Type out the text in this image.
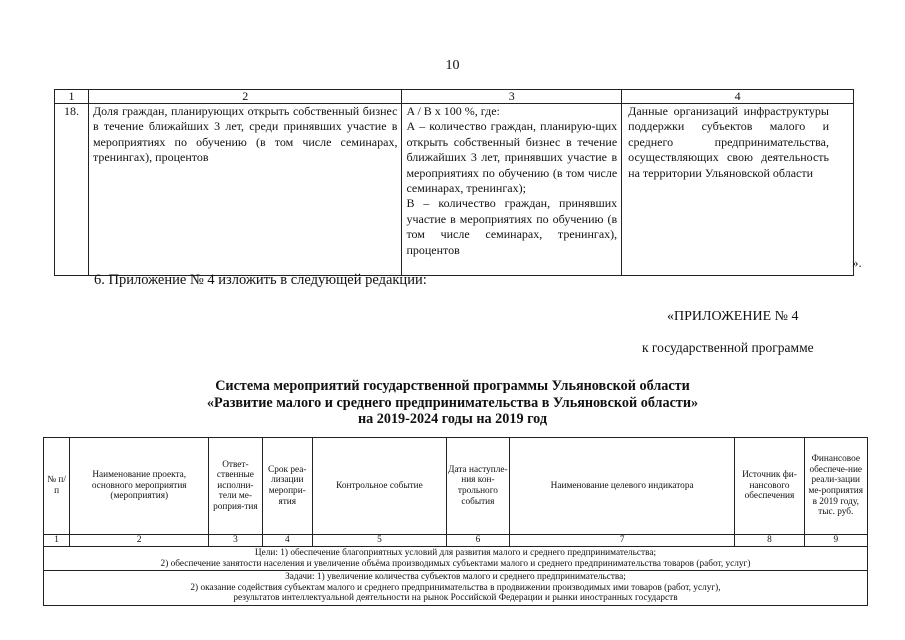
10
1	2	3	4
18.	Доля граждан, планирующих открыть собственный бизнес в течение ближайших 3 лет, среди принявших участие в мероприятиях по обучению (в том числе семинарах, тренингах), процентов	A / B x 100 %, где:
А – количество граждан, планирую-щих открыть собственный бизнес в течение ближайших 3 лет, принявших участие в мероприятиях по обучению (в том числе семинарах, тренингах);
В – количество граждан, принявших участие в мероприятиях по обучению (в том числе семинарах, тренингах), процентов	Данные организаций инфраструктуры поддержки субъектов малого и среднего предпринимательства, осуществляющих свою деятельность на территории Ульяновской области
».
6. Приложение № 4 изложить в следующей редакции:
«ПРИЛОЖЕНИЕ № 4
к государственной программе
Система мероприятий государственной программы Ульяновской области
«Развитие малого и среднего предпринимательства в Ульяновской области»
на 2019-2024 годы на 2019 год
№ п/п	Наименование проекта, основного мероприятия (мероприятия)	Ответ-ственные исполни-тели ме-роприя-тия	Срок реа-лизации меропри-ятия	Контрольное событие	Дата наступле-ния кон-трольного события	Наименование целевого индикатора	Источник фи-нансового обеспечения	Финансовое обеспече-ние реали-зации ме-роприятия в 2019 году, тыс. руб.
1	2	3	4	5	6	7	8	9

Цели: 1) обеспечение благоприятных условий для развития малого и среднего предпринимательства;
2) обеспечение занятости населения и увеличение объёма производимых субъектами малого и среднего предпринимательства товаров (работ, услуг)								

Задачи: 1) увеличение количества субъектов малого и среднего предпринимательства;
2) оказание содействия субъектам малого и среднего предпринимательства в продвижении производимых ими товаров (работ, услуг),
результатов интеллектуальной деятельности на рынок Российской Федерации и рынки иностранных государств								
